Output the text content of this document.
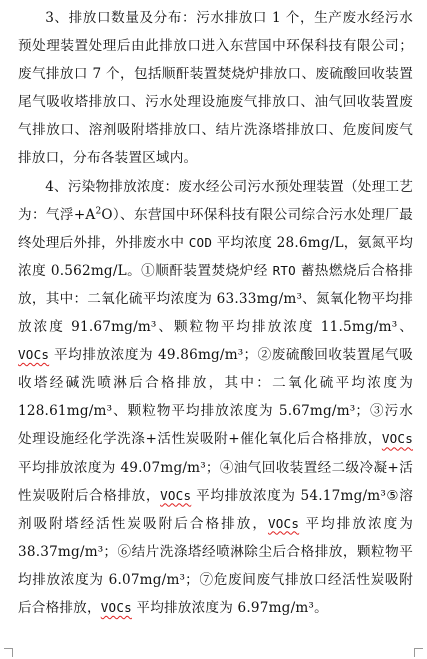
3、排放口数量及分布：污水排放口 1 个，生产废水经污水预处理装置处理后由此排放口进入东营国中环保科技有限公司；废气排放口 7 个，包括顺酐装置焚烧炉排放口、废硫酸回收装置尾气吸收塔排放口、污水处理设施废气排放口、油气回收装置废气排放口、溶剂吸附塔排放口、结片洗涤塔排放口、危废间废气排放口，分布各装置区域内。

4、污染物排放浓度：废水经公司污水预处理装置（处理工艺为：气浮$+A^2O$）、东营国中环保科技有限公司综合污水处理厂最终处理后外排，外排废水中 COD 平均浓度 28.6mg/L，氨氮平均浓度 0.562mg/L。①顺酐装置焚烧炉经 RTO 蓄热燃烧后合格排放，其中：二氧化硫平均浓度为 63.33mg/m³、氮氧化物平均排放浓度 91.67mg/m³、颗粒物平均排放浓度 11.5mg/m³、VOCs 平均排放浓度为 49.86mg/m³；②废硫酸回收装置尾气吸收塔经碱洗喷淋后合格排放，其中：二氧化硫平均浓度为 128.61mg/m³、颗粒物平均排放浓度为 5.67mg/m³；③污水处理设施经化学洗涤+活性炭吸附+催化氧化后合格排放，VOCs 平均排放浓度为 49.07mg/m³；④油气回收装置经二级冷凝+活性炭吸附后合格排放，VOCs 平均排放浓度为 54.17mg/m³⑤溶剂吸附塔经活性炭吸附后合格排放，VOCs 平均排放浓度为 38.37mg/m³；⑥结片洗涤塔经喷淋除尘后合格排放，颗粒物平均排放浓度为 6.07mg/m³；⑦危废间废气排放口经活性炭吸附后合格排放，VOCs 平均排放浓度为 6.97mg/m³。
